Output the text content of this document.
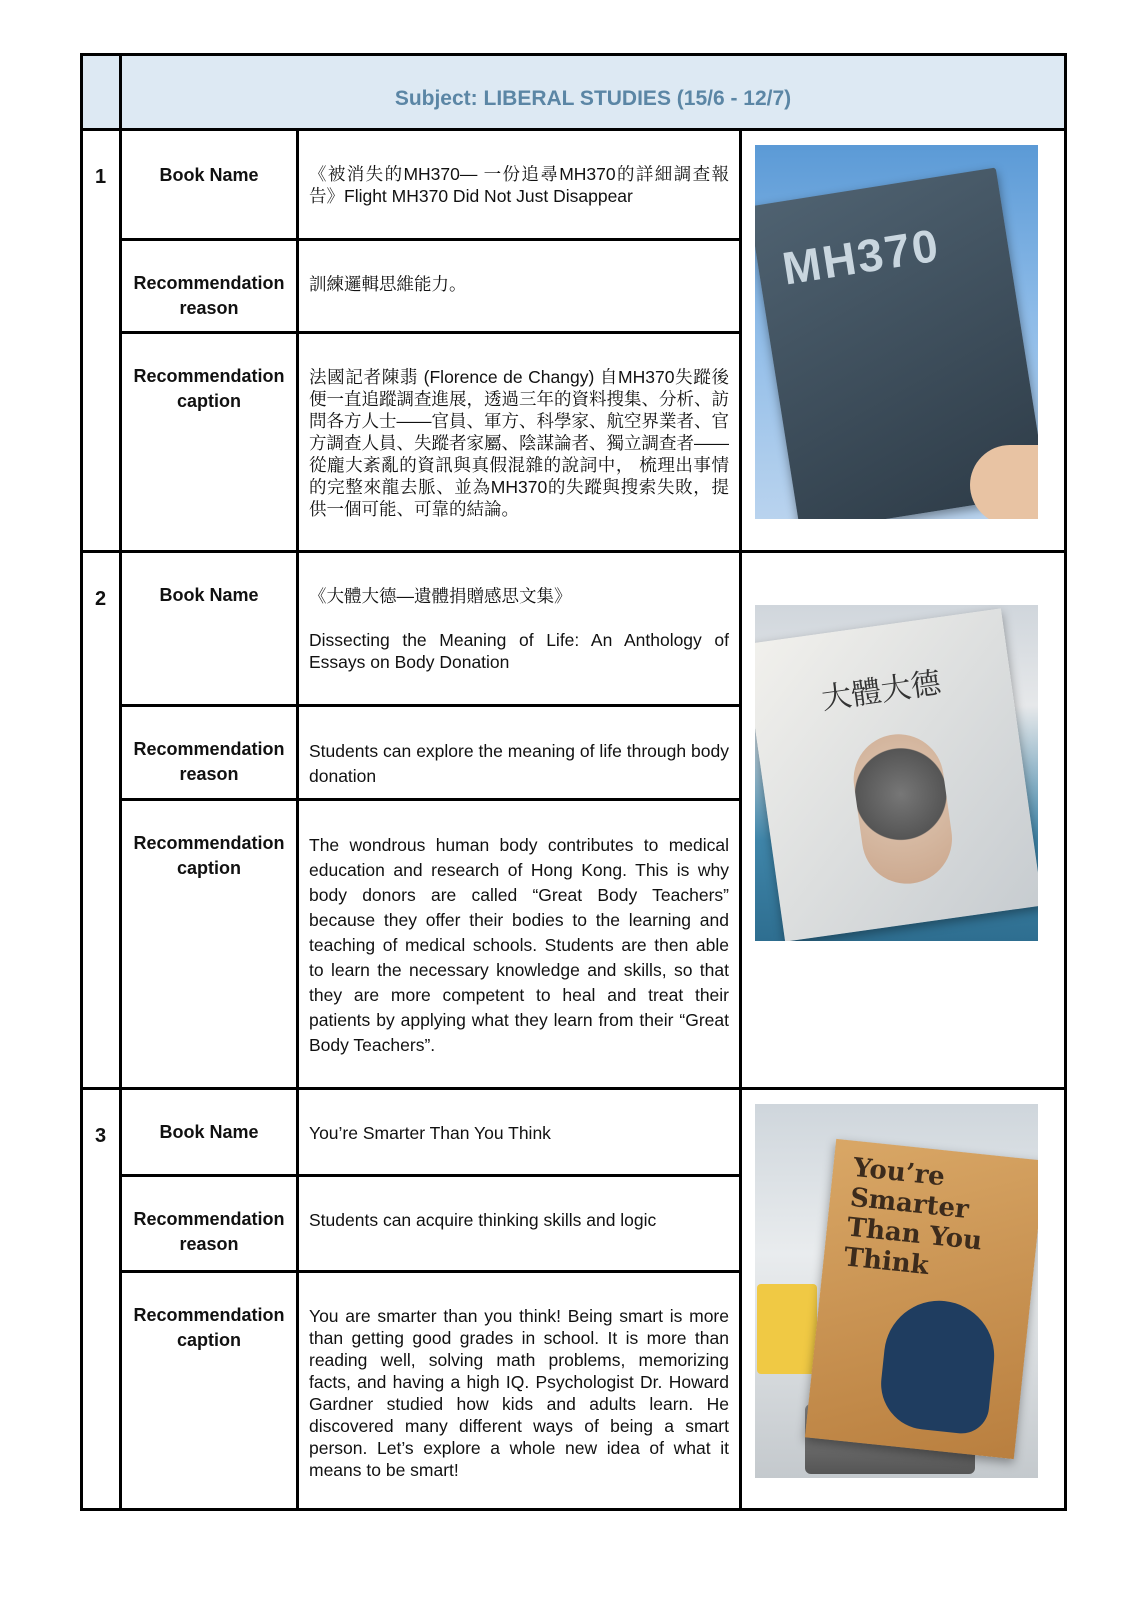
	Subject: LIBERAL STUDIES (15/6 - 12/7)		
1	Book Name	《被消失的MH370— 一份追尋MH370的詳細調查報告》Flight MH370 Did Not Just Disappear	MH370

	Recommendation reason	訓練邏輯思維能力。	

	Recommendation caption	法國記者陳翡 (Florence de Changy) 自MH370失蹤後便一直追蹤調查進展，透過三年的資料搜集、分析、訪問各方人士——官員、軍方、科學家、航空界業者、官方調查人員、失蹤者家屬、陰謀論者、獨立調查者——從龐大紊亂的資訊與真假混雜的說詞中， 梳理出事情的完整來龍去脈、並為MH370的失蹤與搜索失敗，提供一個可能、可靠的結論。	

2	Book Name	《大體大德—遺體捐贈感思文集》

Dissecting the Meaning of Life: An Anthology of Essays on Body Donation	大體大德

	Recommendation reason	Students can explore the meaning of life through body donation	

	Recommendation caption	The wondrous human body contributes to medical education and research of Hong Kong. This is why body donors are called “Great Body Teachers” because they offer their bodies to the learning and teaching of medical schools. Students are then able to learn the necessary knowledge and skills, so that they are more competent to heal and treat their patients by applying what they learn from their “Great Body Teachers”.	

3	Book Name	You’re Smarter Than You Think	You’re Smarter Than You Think

	Recommendation reason	Students can acquire thinking skills and logic	

	Recommendation caption	You are smarter than you think! Being smart is more than getting good grades in school. It is more than reading well, solving math problems, memorizing facts, and having a high IQ. Psychologist Dr. Howard Gardner studied how kids and adults learn. He discovered many different ways of being a smart person. Let’s explore a whole new idea of what it means to be smart!	
